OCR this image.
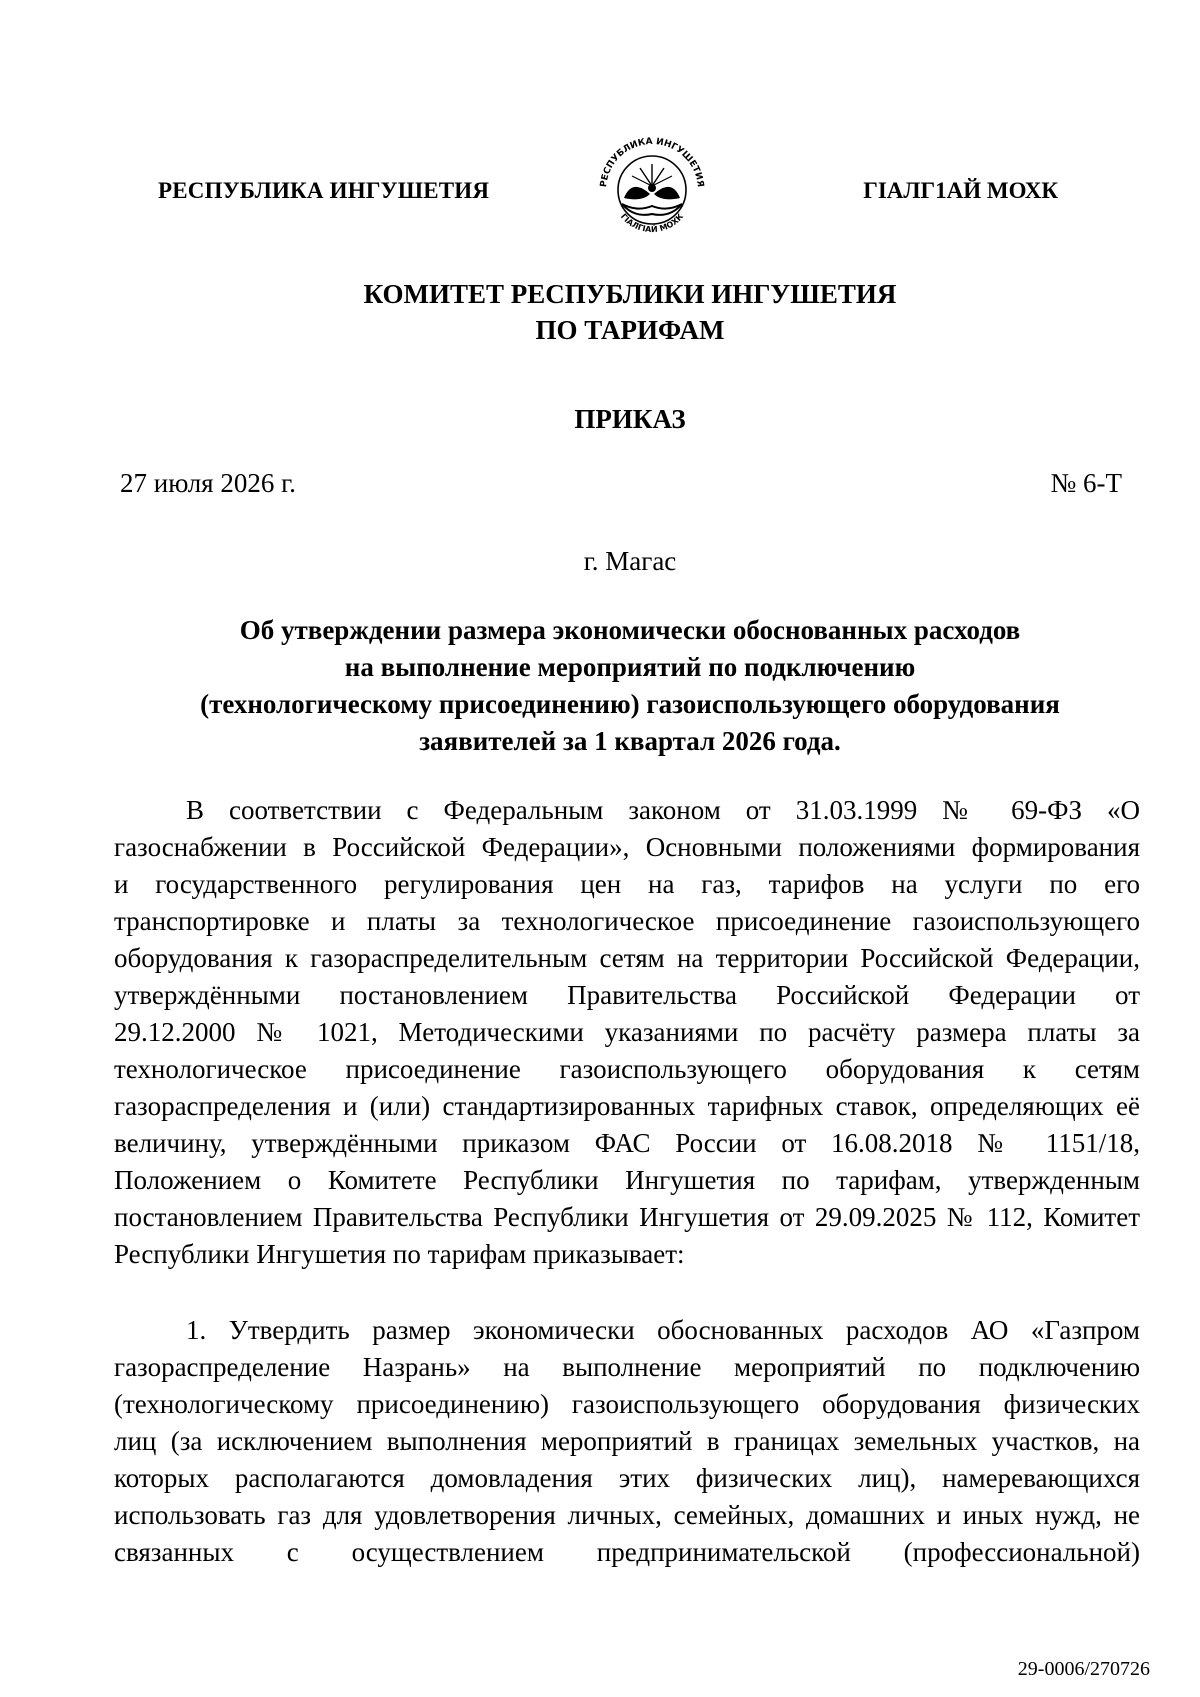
РЕСПУБЛИКА ИНГУШЕТИЯ	РЕСПУБЛИКА ИНГУШЕТИЯ
ГIАЛГIАЙ МОХК
ГIАЛГ1АЙ МОХК
КОМИТЕТ РЕСПУБЛИКИ ИНГУШЕТИЯ
ПО ТАРИФАМ
ПРИКАЗ
27 июля 2026 г.	№ 6-Т
г. Магас
Об утверждении размера экономически обоснованных расходов
на выполнение мероприятий по подключению
(технологическому присоединению) газоиспользующего оборудования
заявителей за 1 квартал 2026 года.
В соответствии с Федеральным законом от 31.03.1999 № 69-ФЗ «О
газоснабжении в Российской Федерации», Основными положениями формирования
и государственного регулирования цен на газ, тарифов на услуги по его
транспортировке и платы за технологическое присоединение газоиспользующего
оборудования к газораспределительным сетям на территории Российской Федерации,
утверждёнными постановлением Правительства Российской Федерации от
29.12.2000 № 1021, Методическими указаниями по расчёту размера платы за
технологическое присоединение газоиспользующего оборудования к сетям
газораспределения и (или) стандартизированных тарифных ставок, определяющих её
величину, утверждёнными приказом ФАС России от 16.08.2018 № 1151/18,
Положением о Комитете Республики Ингушетия по тарифам, утвержденным
постановлением Правительства Республики Ингушетия от 29.09.2025 № 112, Комитет
Республики Ингушетия по тарифам приказывает:
1. Утвердить размер экономически обоснованных расходов АО «Газпром
газораспределение Назрань» на выполнение мероприятий по подключению
(технологическому присоединению) газоиспользующего оборудования физических
лиц (за исключением выполнения мероприятий в границах земельных участков, на
которых располагаются домовладения этих физических лиц), намеревающихся
использовать газ для удовлетворения личных, семейных, домашних и иных нужд, не
связанных с осуществлением предпринимательской (профессиональной)
29-0006/270726
